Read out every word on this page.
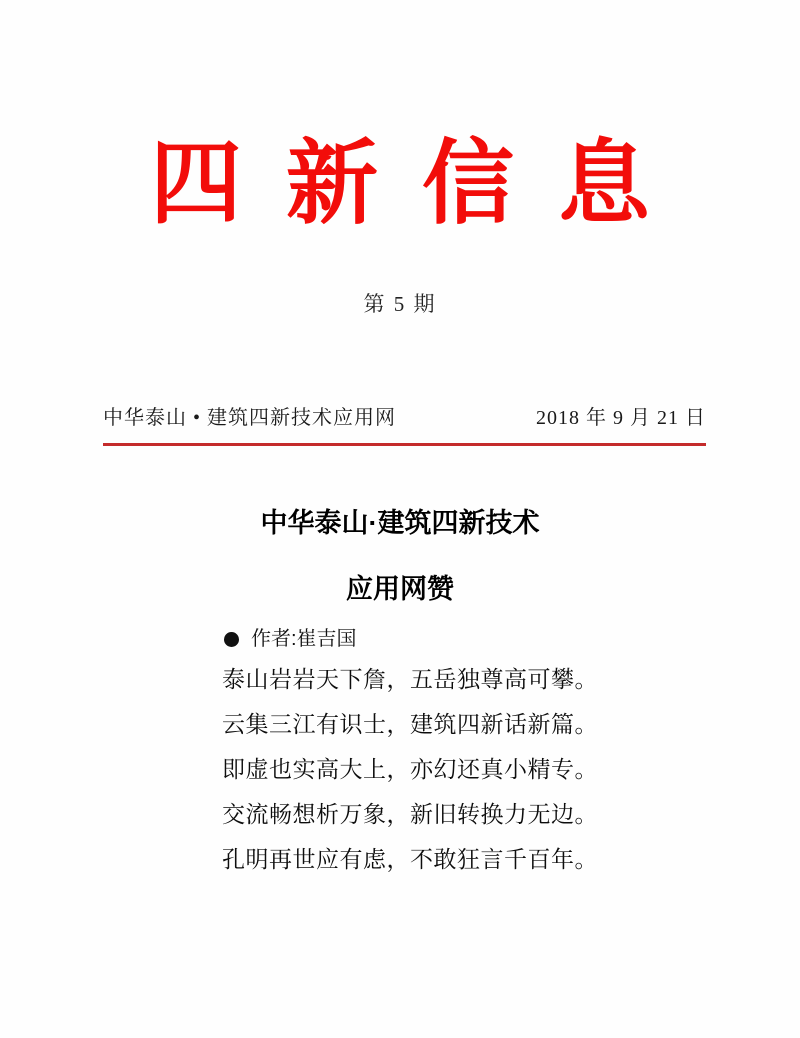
四 新 信 息
第 5 期
中华泰山 • 建筑四新技术应用网	2018 年 9 月 21 日
中华泰山·建筑四新技术
应用网赞
作者:崔吉国

泰山岩岩天下詹，五岳独尊高可攀。

云集三江有识士，建筑四新话新篇。

即虚也实高大上，亦幻还真小精专。

交流畅想析万象，新旧转换力无边。

孔明再世应有虑，不敢狂言千百年。
